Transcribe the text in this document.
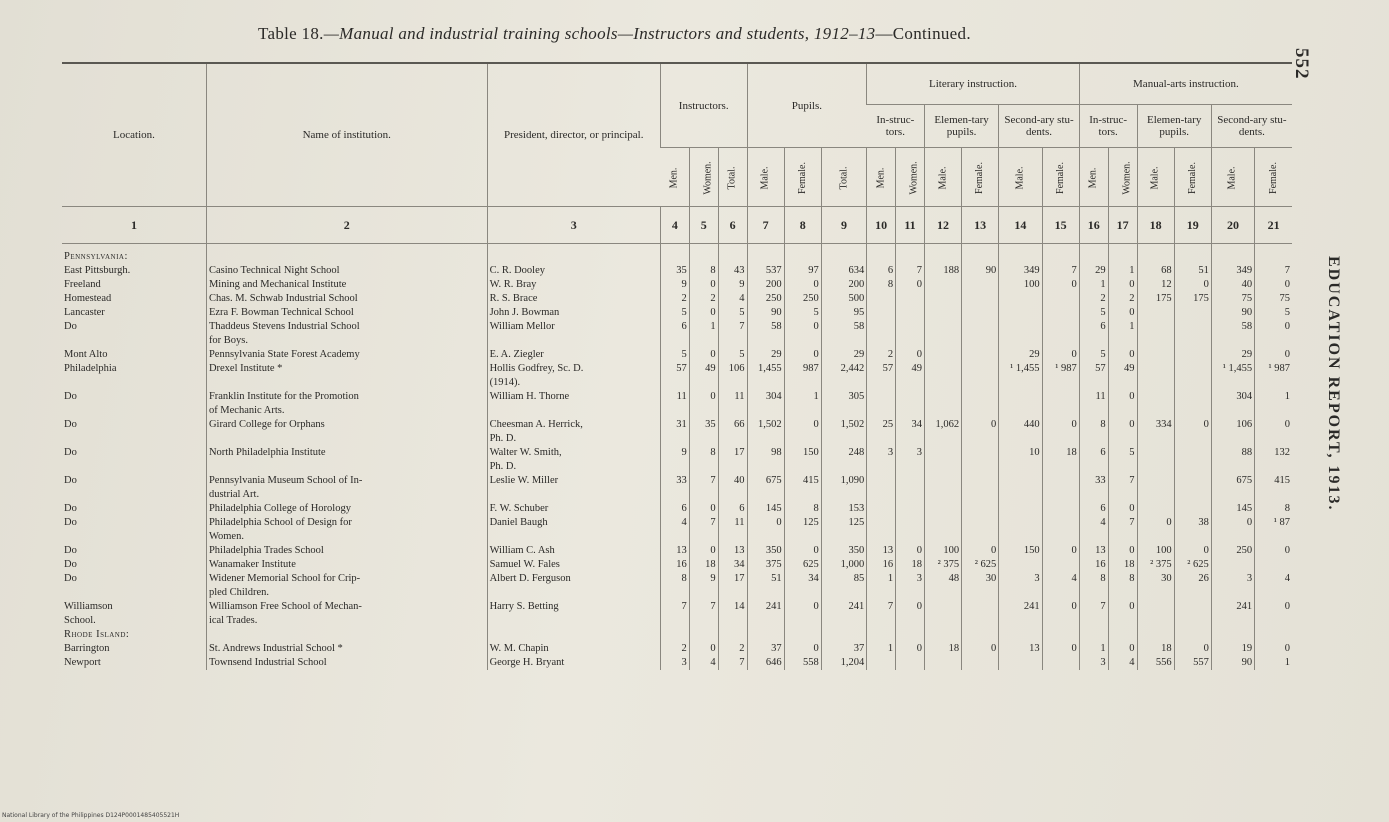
Table 18.—Manual and industrial training schools—Instructors and students, 1912–13—Continued.
552
EDUCATION REPORT, 1913.
National Library of the Philippines D124P0001485405521H
Location.	Name of institution.	President, director, or principal.	Instructors.			Pupils.			Literary instruction.						Manual-arts instruction.					
									In-struc-tors.		Elemen-tary pupils.		Second-ary stu-dents.		In-struc-tors.		Elemen-tary pupils.		Second-ary stu-dents.	
			Men.	Women.	Total.	Male.	Female.	Total.	Men.	Women.	Male.	Female.	Male.	Female.	Men.	Women.	Male.	Female.	Male.	Female.
1	2	3	4	5	6	7	8	9	10	11	12	13	14	15	16	17	18	19	20	21

Pennsylvania:																				
East Pittsburgh.	Casino Technical Night School	C. R. Dooley	35	8	43	537	97	634	6	7	188	90	349	7	29	1	68	51	349	7
Freeland	Mining and Mechanical Institute	W. R. Bray	9	0	9	200	0	200	8	0			100	0	1	0	12	0	40	0
Homestead	Chas. M. Schwab Industrial School	R. S. Brace	2	2	4	250	250	500							2	2	175	175	75	75
Lancaster	Ezra F. Bowman Technical School	John J. Bowman	5	0	5	90	5	95							5	0			90	5
Do	Thaddeus Stevens Industrial School	William Mellor	6	1	7	58	0	58							6	1			58	0
	for Boys.																			
Mont Alto	Pennsylvania State Forest Academy	E. A. Ziegler	5	0	5	29	0	29	2	0			29	0	5	0			29	0
Philadelphia	Drexel Institute *	Hollis Godfrey, Sc. D.	57	49	106	1,455	987	2,442	57	49			¹ 1,455	¹ 987	57	49			¹ 1,455	¹ 987
		(1914).																		
Do	Franklin Institute for the Promotion	William H. Thorne	11	0	11	304	1	305							11	0			304	1
	of Mechanic Arts.																			
Do	Girard College for Orphans	Cheesman A. Herrick,	31	35	66	1,502	0	1,502	25	34	1,062	0	440	0	8	0	334	0	106	0
		Ph. D.																		
Do	North Philadelphia Institute	Walter W. Smith,	9	8	17	98	150	248	3	3			10	18	6	5			88	132
		Ph. D.																		
Do	Pennsylvania Museum School of In-	Leslie W. Miller	33	7	40	675	415	1,090							33	7			675	415
	dustrial Art.																			
Do	Philadelphia College of Horology	F. W. Schuber	6	0	6	145	8	153							6	0			145	8
Do	Philadelphia School of Design for	Daniel Baugh	4	7	11	0	125	125							4	7	0	38	0	¹ 87
	Women.																			
Do	Philadelphia Trades School	William C. Ash	13	0	13	350	0	350	13	0	100	0	150	0	13	0	100	0	250	0
Do	Wanamaker Institute	Samuel W. Fales	16	18	34	375	625	1,000	16	18	² 375	² 625			16	18	² 375	² 625		
Do	Widener Memorial School for Crip-	Albert D. Ferguson	8	9	17	51	34	85	1	3	48	30	3	4	8	8	30	26	3	4
	pled Children.																			
Williamson	Williamson Free School of Mechan-	Harry S. Betting	7	7	14	241	0	241	7	0			241	0	7	0			241	0
School.	ical Trades.																			
Rhode Island:																				
Barrington	St. Andrews Industrial School *	W. M. Chapin	2	0	2	37	0	37	1	0	18	0	13	0	1	0	18	0	19	0
Newport	Townsend Industrial School	George H. Bryant	3	4	7	646	558	1,204							3	4	556	557	90	1
